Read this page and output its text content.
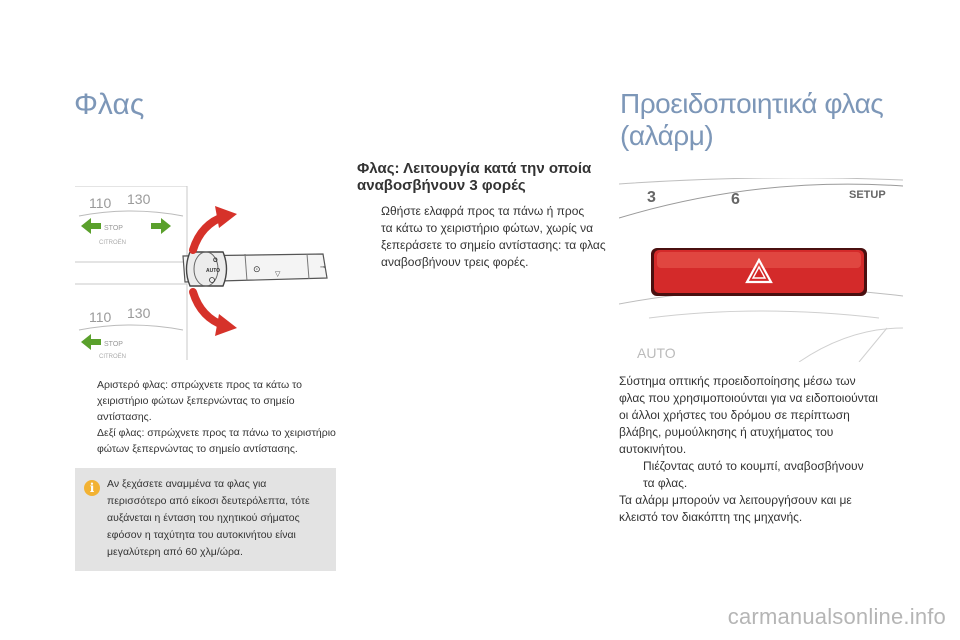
Φλας	Προειδοποιητικά φλας (αλάρμ)
110 130
STOP
CITROËN
110 130
STOP
CITROËN
O
AUTO	⊙ ▽
⊸
Φλας: Λειτουργία κατά την οποία αναβοσβήνουν 3 φορές
Ωθήστε ελαφρά προς τα πάνω ή προς
τα κάτω το χειριστήριο φώτων, χωρίς να
ξεπεράσετε το σημείο αντίστασης: τα φλας
αναβοσβήνουν τρεις φορές.
Αριστερό φλας: σπρώχνετε προς τα κάτω το
χειριστήριο φώτων ξεπερνώντας το σημείο
αντίστασης.
Δεξί φλας: σπρώχνετε προς τα πάνω το χειριστήριο
φώτων ξεπερνώντας το σημείο αντίστασης.
i	Αν ξεχάσετε αναμμένα τα φλας για
περισσότερο από είκοσι δευτερόλεπτα, τότε
αυξάνεται η ένταση του ηχητικού σήματος
εφόσον η ταχύτητα του αυτοκινήτου είναι
μεγαλύτερη από 60 χλμ/ώρα.
3	6	SETUP
AUTO
Σύστημα οπτικής προειδοποίησης μέσω των
φλας που χρησιμοποιούνται για να ειδοποιούνται
οι άλλοι χρήστες του δρόμου σε περίπτωση
βλάβης, ρυμούλκησης ή ατυχήματος του
αυτοκινήτου.
Πιέζοντας αυτό το κουμπί, αναβοσβήνουν
τα φλας.
Τα αλάρμ μπορούν να λειτουργήσουν και με
κλειστό τον διακόπτη της μηχανής.
carmanualsonline.info
